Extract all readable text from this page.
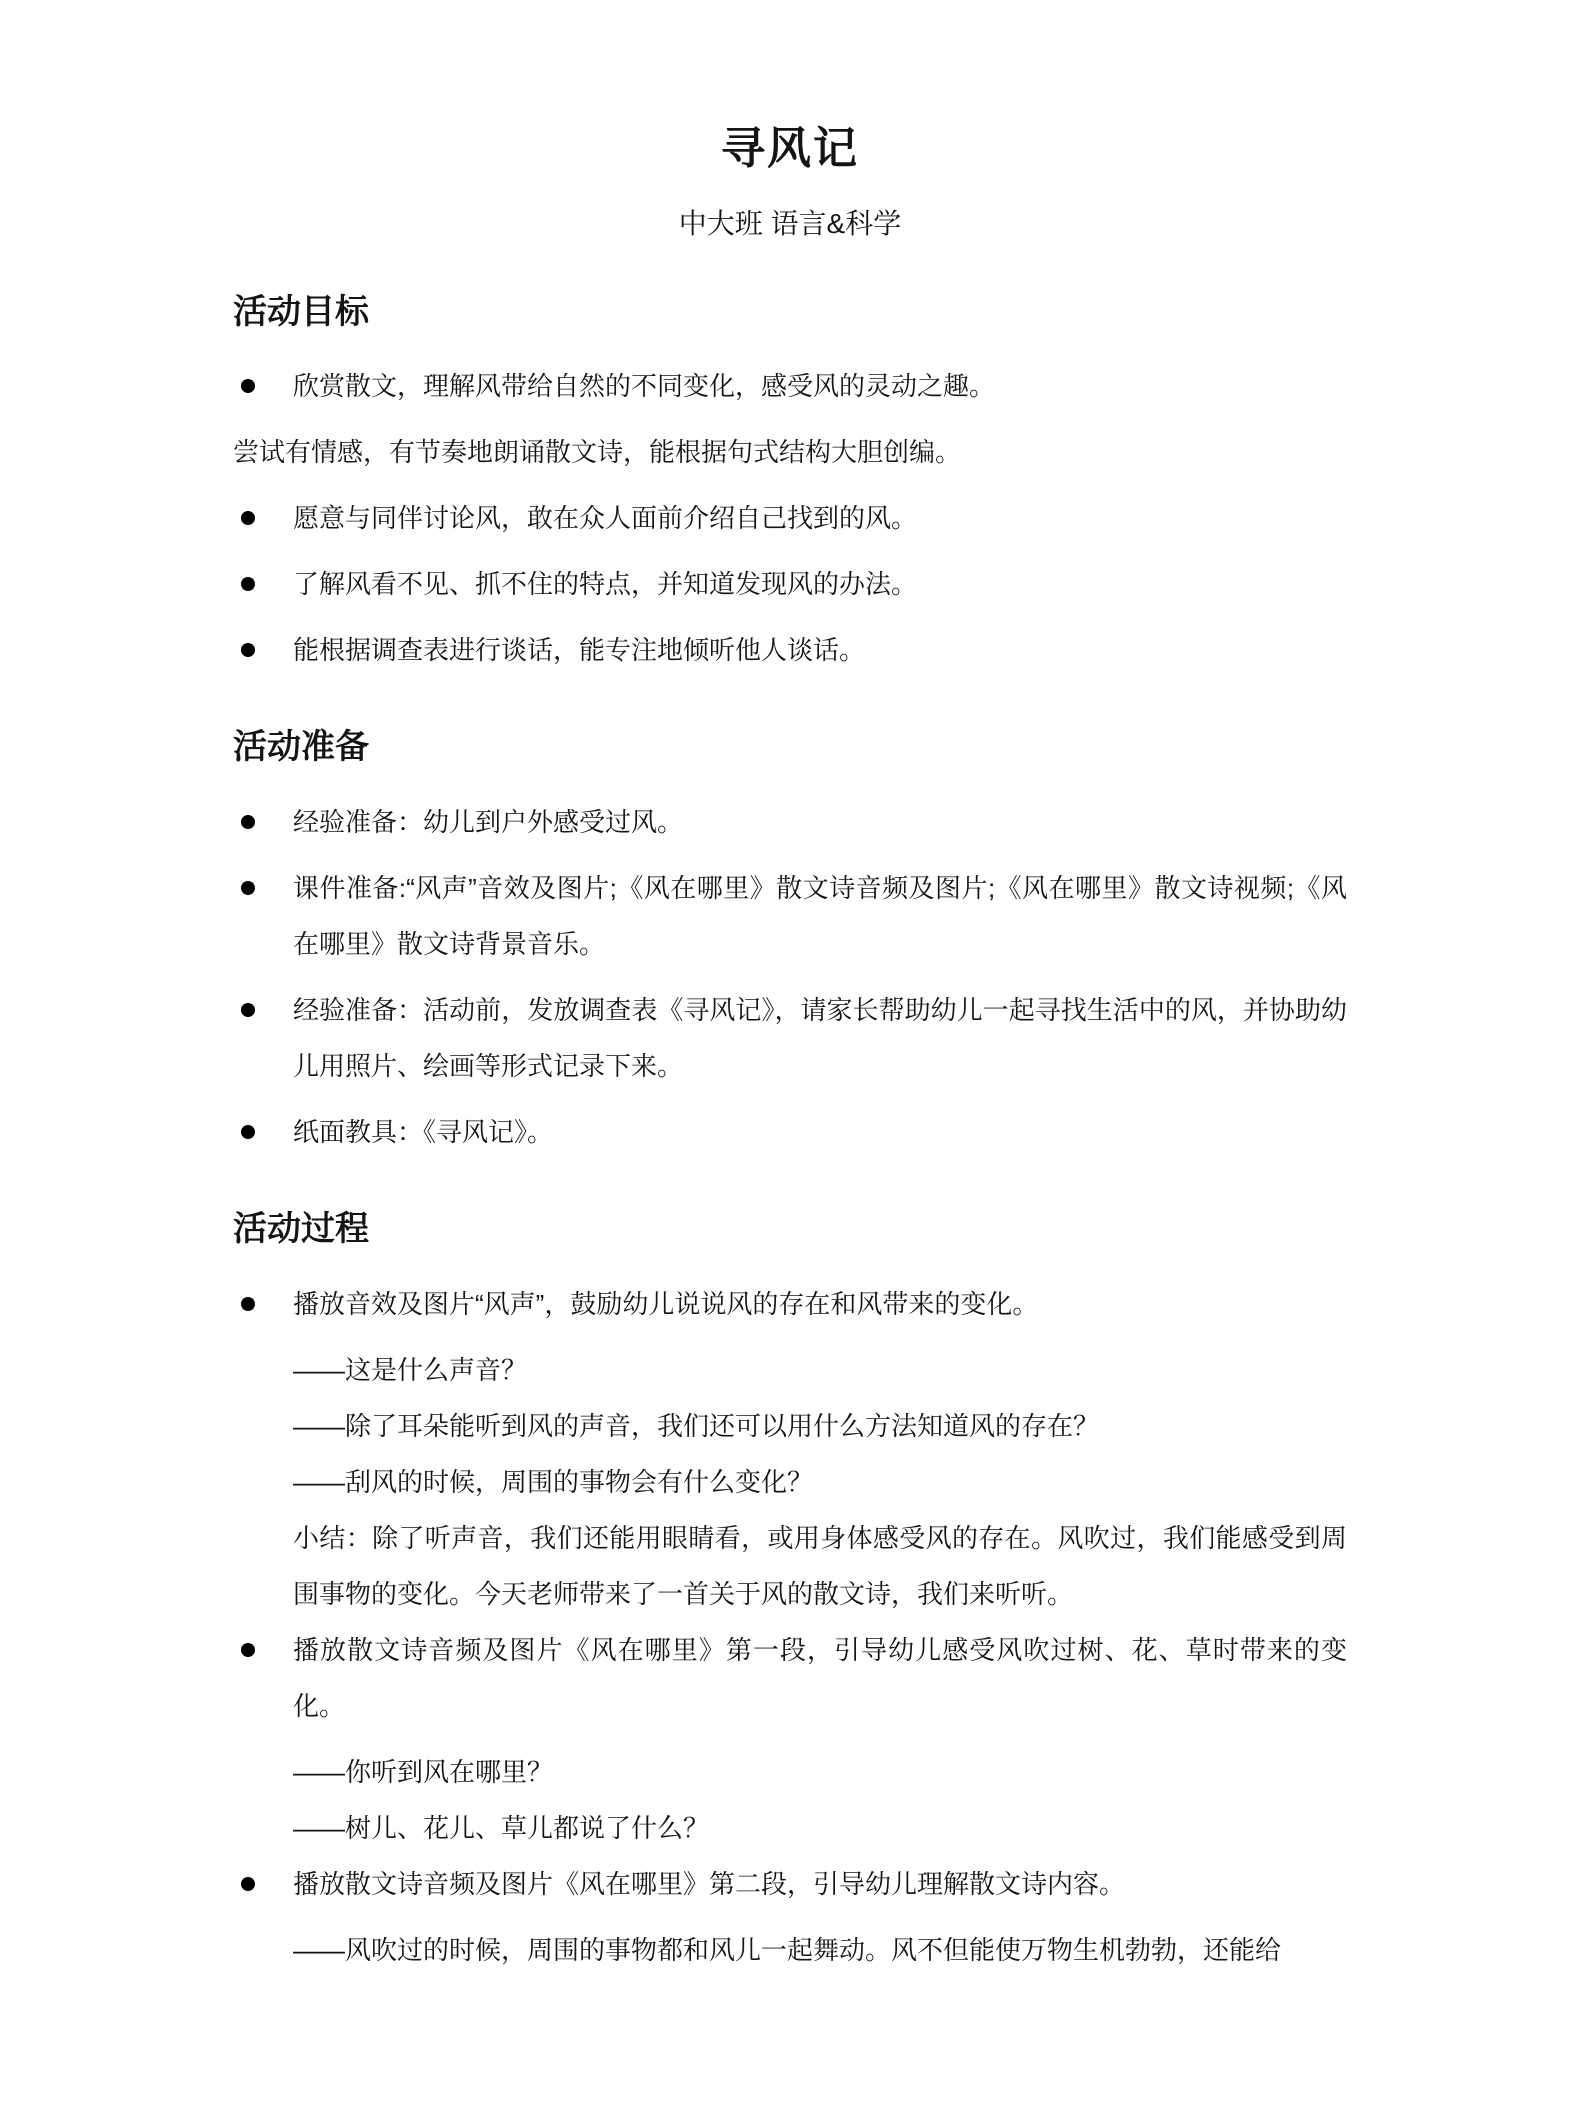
寻风记
中大班 语言&科学
活动目标
欣赏散文，理解风带给自然的不同变化，感受风的灵动之趣。
尝试有情感，有节奏地朗诵散文诗，能根据句式结构大胆创编。
愿意与同伴讨论风，敢在众人面前介绍自己找到的风。
了解风看不见、抓不住的特点，并知道发现风的办法。
能根据调查表进行谈话，能专注地倾听他人谈话。
活动准备
经验准备：幼儿到户外感受过风。
课件准备:“风声”音效及图片;《风在哪里》散文诗音频及图片;《风在哪里》散文诗视频;《风在哪里》散文诗背景音乐。
经验准备：活动前，发放调查表《寻风记》，请家长帮助幼儿一起寻找生活中的风，并协助幼儿用照片、绘画等形式记录下来。
纸面教具：《寻风记》。
活动过程
播放音效及图片“风声”，鼓励幼儿说说风的存在和风带来的变化。
——这是什么声音？
——除了耳朵能听到风的声音，我们还可以用什么方法知道风的存在？
——刮风的时候，周围的事物会有什么变化？
小结：除了听声音，我们还能用眼睛看，或用身体感受风的存在。风吹过，我们能感受到周围事物的变化。今天老师带来了一首关于风的散文诗，我们来听听。
播放散文诗音频及图片《风在哪里》第一段，引导幼儿感受风吹过树、花、草时带来的变化。
——你听到风在哪里？
——树儿、花儿、草儿都说了什么？
播放散文诗音频及图片《风在哪里》第二段，引导幼儿理解散文诗内容。
——风吹过的时候，周围的事物都和风儿一起舞动。风不但能使万物生机勃勃，还能给
